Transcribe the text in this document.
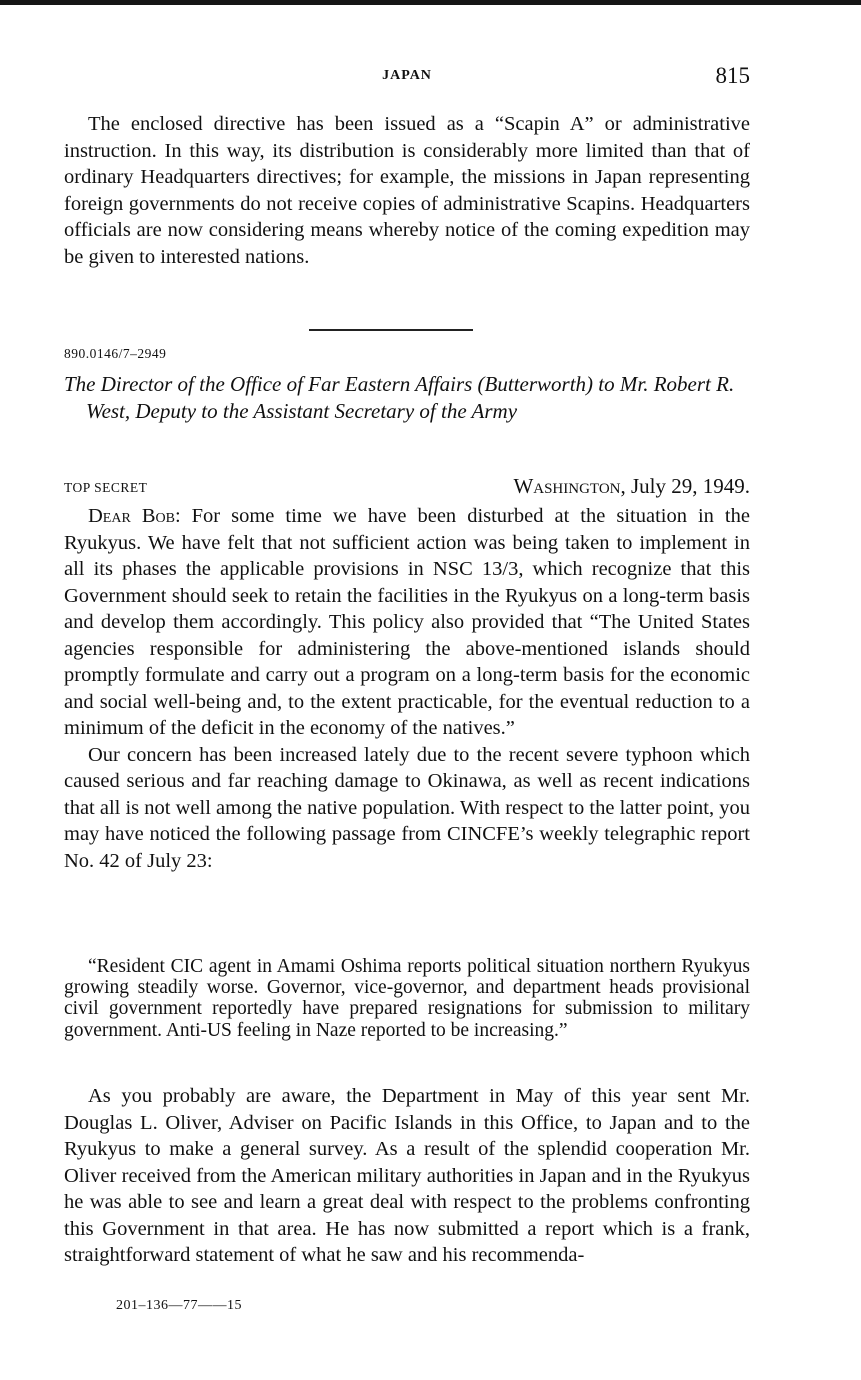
JAPAN	815

The enclosed directive has been issued as a “Scapin A” or administrative instruction. In this way, its distribution is considerably more limited than that of ordinary Headquarters directives; for example, the missions in Japan representing foreign governments do not receive copies of administrative Scapins. Headquarters officials are now considering means whereby notice of the coming expedition may be given to interested nations.

890.0146/7–2949
The Director of the Office of Far Eastern Affairs (Butterworth) to Mr. Robert R. West, Deputy to the Assistant Secretary of the Army
TOP SECRET	Washington, July 29, 1949.

Dear Bob: For some time we have been disturbed at the situation in the Ryukyus. We have felt that not sufficient action was being taken to implement in all its phases the applicable provisions in NSC 13/3, which recognize that this Government should seek to retain the facilities in the Ryukyus on a long-term basis and develop them accordingly. This policy also provided that “The United States agencies responsible for administering the above-mentioned islands should promptly formulate and carry out a program on a long-term basis for the economic and social well-being and, to the extent practicable, for the eventual reduction to a minimum of the deficit in the economy of the natives.”

Our concern has been increased lately due to the recent severe typhoon which caused serious and far reaching damage to Okinawa, as well as recent indications that all is not well among the native population. With respect to the latter point, you may have noticed the following passage from CINCFE’s weekly telegraphic report No. 42 of July 23:

“Resident CIC agent in Amami Oshima reports political situation northern Ryukyus growing steadily worse. Governor, vice-governor, and department heads provisional civil government reportedly have prepared resignations for submission to military government. Anti-US feeling in Naze reported to be increasing.”

As you probably are aware, the Department in May of this year sent Mr. Douglas L. Oliver, Adviser on Pacific Islands in this Office, to Japan and to the Ryukyus to make a general survey. As a result of the splendid cooperation Mr. Oliver received from the American military authorities in Japan and in the Ryukyus he was able to see and learn a great deal with respect to the problems confronting this Government in that area. He has now submitted a report which is a frank, straightforward statement of what he saw and his recommenda-

201–136—77——15
